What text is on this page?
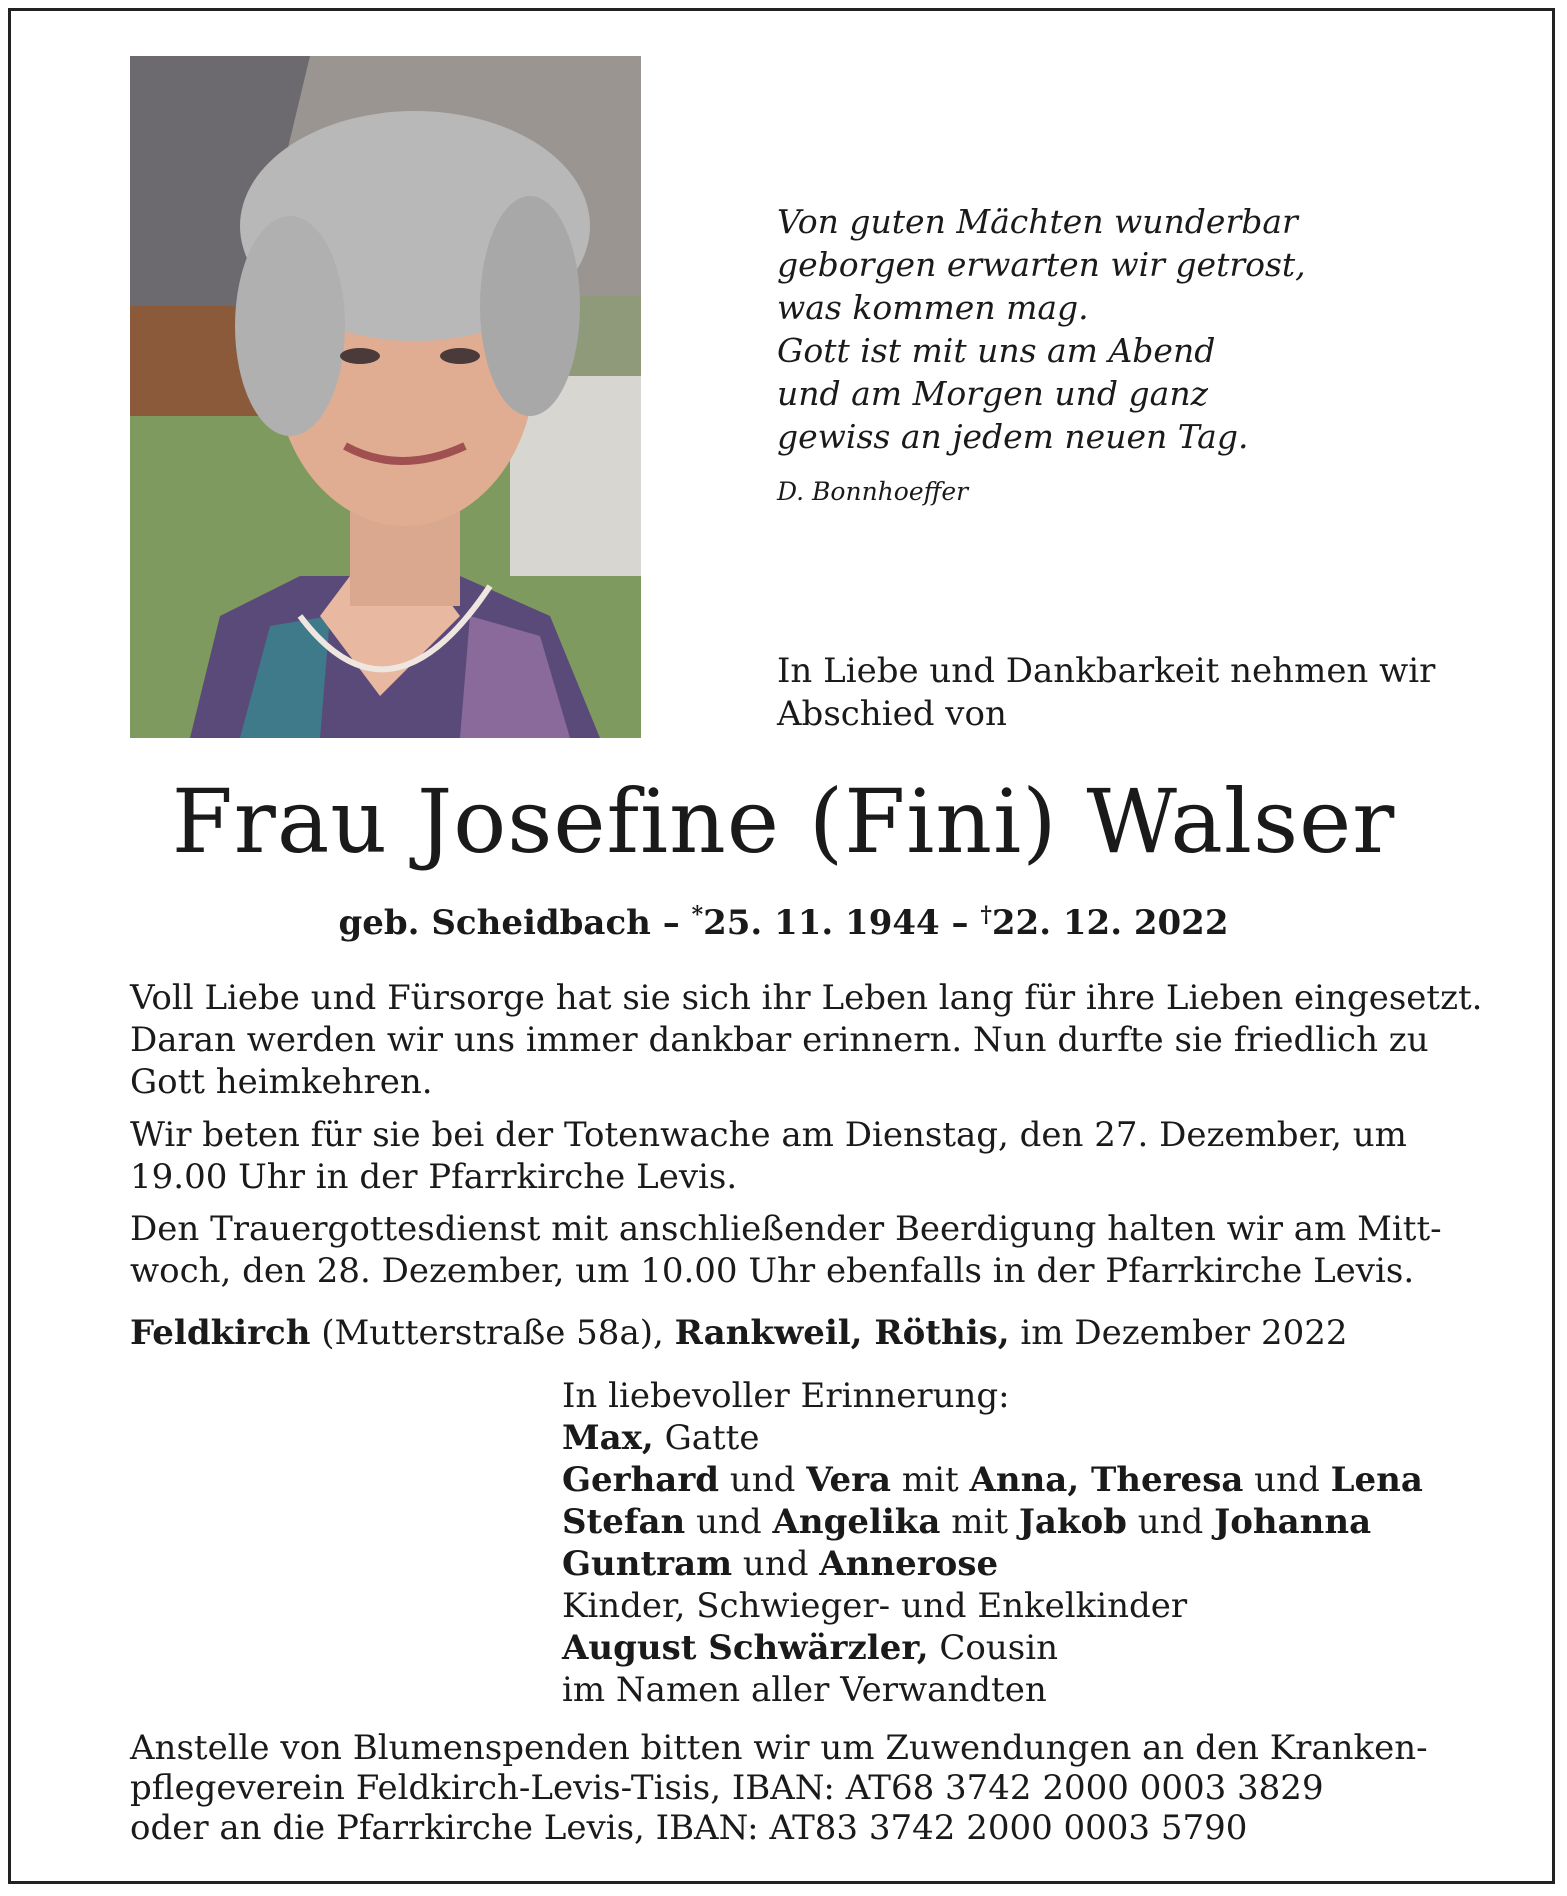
Von guten Mächten wunderbar
geborgen erwarten wir getrost,
was kommen mag.
Gott ist mit uns am Abend
und am Morgen und ganz
gewiss an jedem neuen Tag.
D. Bonnhoeffer
In Liebe und Dankbarkeit nehmen wir
Abschied von
Frau Josefine (Fini) Walser
geb. Scheidbach – *25. 11. 1944 – †22. 12. 2022
Voll Liebe und Fürsorge hat sie sich ihr Leben lang für ihre Lieben eingesetzt.
Daran werden wir uns immer dankbar erinnern. Nun durfte sie friedlich zu
Gott heimkehren.
Wir beten für sie bei der Totenwache am Dienstag, den 27. Dezember, um
19.00 Uhr in der Pfarrkirche Levis.
Den Trauergottesdienst mit anschließender Beerdigung halten wir am Mitt-
woch, den 28. Dezember, um 10.00 Uhr ebenfalls in der Pfarrkirche Levis.
Feldkirch (Mutterstraße 58a), Rankweil, Röthis, im Dezember 2022
In liebevoller Erinnerung:
Max, Gatte
Gerhard und Vera mit Anna, Theresa und Lena
Stefan und Angelika mit Jakob und Johanna
Guntram und Annerose
Kinder, Schwieger- und Enkelkinder
August Schwärzler, Cousin
im Namen aller Verwandten
Anstelle von Blumenspenden bitten wir um Zuwendungen an den Kranken-
pflegeverein Feldkirch-Levis-Tisis, IBAN: AT68 3742 2000 0003 3829
oder an die Pfarrkirche Levis, IBAN: AT83 3742 2000 0003 5790
